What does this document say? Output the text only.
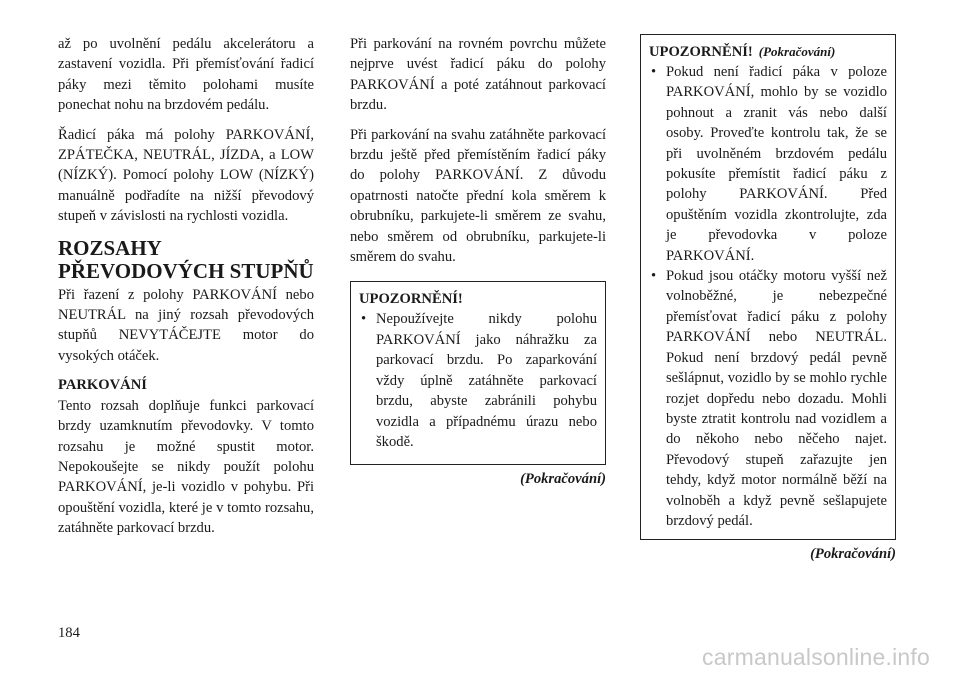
až po uvolnění pedálu akcelerátoru a zastavení vozidla. Při přemísťování řadicí páky mezi těmito polohami musíte ponechat nohu na brzdovém pedálu.

Řadicí páka má polohy PARKOVÁNÍ, ZPÁTEČKA, NEUTRÁL, JÍZDA, a LOW (NÍZKÝ). Pomocí polohy LOW (NÍZKÝ) manuálně podřadíte na nižší převodový stupeň v závislosti na rychlosti vozidla.

ROZSAHY PŘEVODOVÝCH STUPŇŮ

Při řazení z polohy PARKOVÁNÍ nebo NEUTRÁL na jiný rozsah převodových stupňů NEVYTÁČEJTE motor do vysokých otáček.

PARKOVÁNÍ

Tento rozsah doplňuje funkci parkovací brzdy uzamknutím převodovky. V tomto rozsahu je možné spustit motor. Nepokoušejte se nikdy použít polohu PARKOVÁNÍ, je-li vozidlo v pohybu. Při opouštění vozidla, které je v tomto rozsahu, zatáhněte parkovací brzdu.

Při parkování na rovném povrchu můžete nejprve uvést řadicí páku do polohy PARKOVÁNÍ a poté zatáhnout parkovací brzdu.

Při parkování na svahu zatáhněte parkovací brzdu ještě před přemístěním řadicí páky do polohy PARKOVÁNÍ. Z důvodu opatrnosti natočte přední kola směrem k obrubníku, parkujete-li směrem ze svahu, nebo směrem od obrubníku, parkujete-li směrem do svahu.

UPOZORNĚNÍ!
• Nepoužívejte nikdy polohu PARKOVÁNÍ jako náhražku za parkovací brzdu. Po zaparkování vždy úplně zatáhněte parkovací brzdu, abyste zabránili pohybu vozidla a případnému úrazu nebo škodě.
(Pokračování)
UPOZORNĚNÍ! (Pokračování)
• Pokud není řadicí páka v poloze PARKOVÁNÍ, mohlo by se vozidlo pohnout a zranit vás nebo další osoby. Proveďte kontrolu tak, že se při uvolněném brzdovém pedálu pokusíte přemístit řadicí páku z polohy PARKOVÁNÍ. Před opuštěním vozidla zkontrolujte, zda je převodovka v poloze PARKOVÁNÍ.
• Pokud jsou otáčky motoru vyšší než volnoběžné, je nebezpečné přemísťovat řadicí páku z polohy PARKOVÁNÍ nebo NEUTRÁL. Pokud není brzdový pedál pevně sešlápnut, vozidlo by se mohlo rychle rozjet dopředu nebo dozadu. Mohli byste ztratit kontrolu nad vozidlem a do někoho nebo něčeho najet. Převodový stupeň zařazujte jen tehdy, když motor normálně běží na volnoběh a když pevně sešlapujete brzdový pedál.
(Pokračování)
184
carmanualsonline.info
